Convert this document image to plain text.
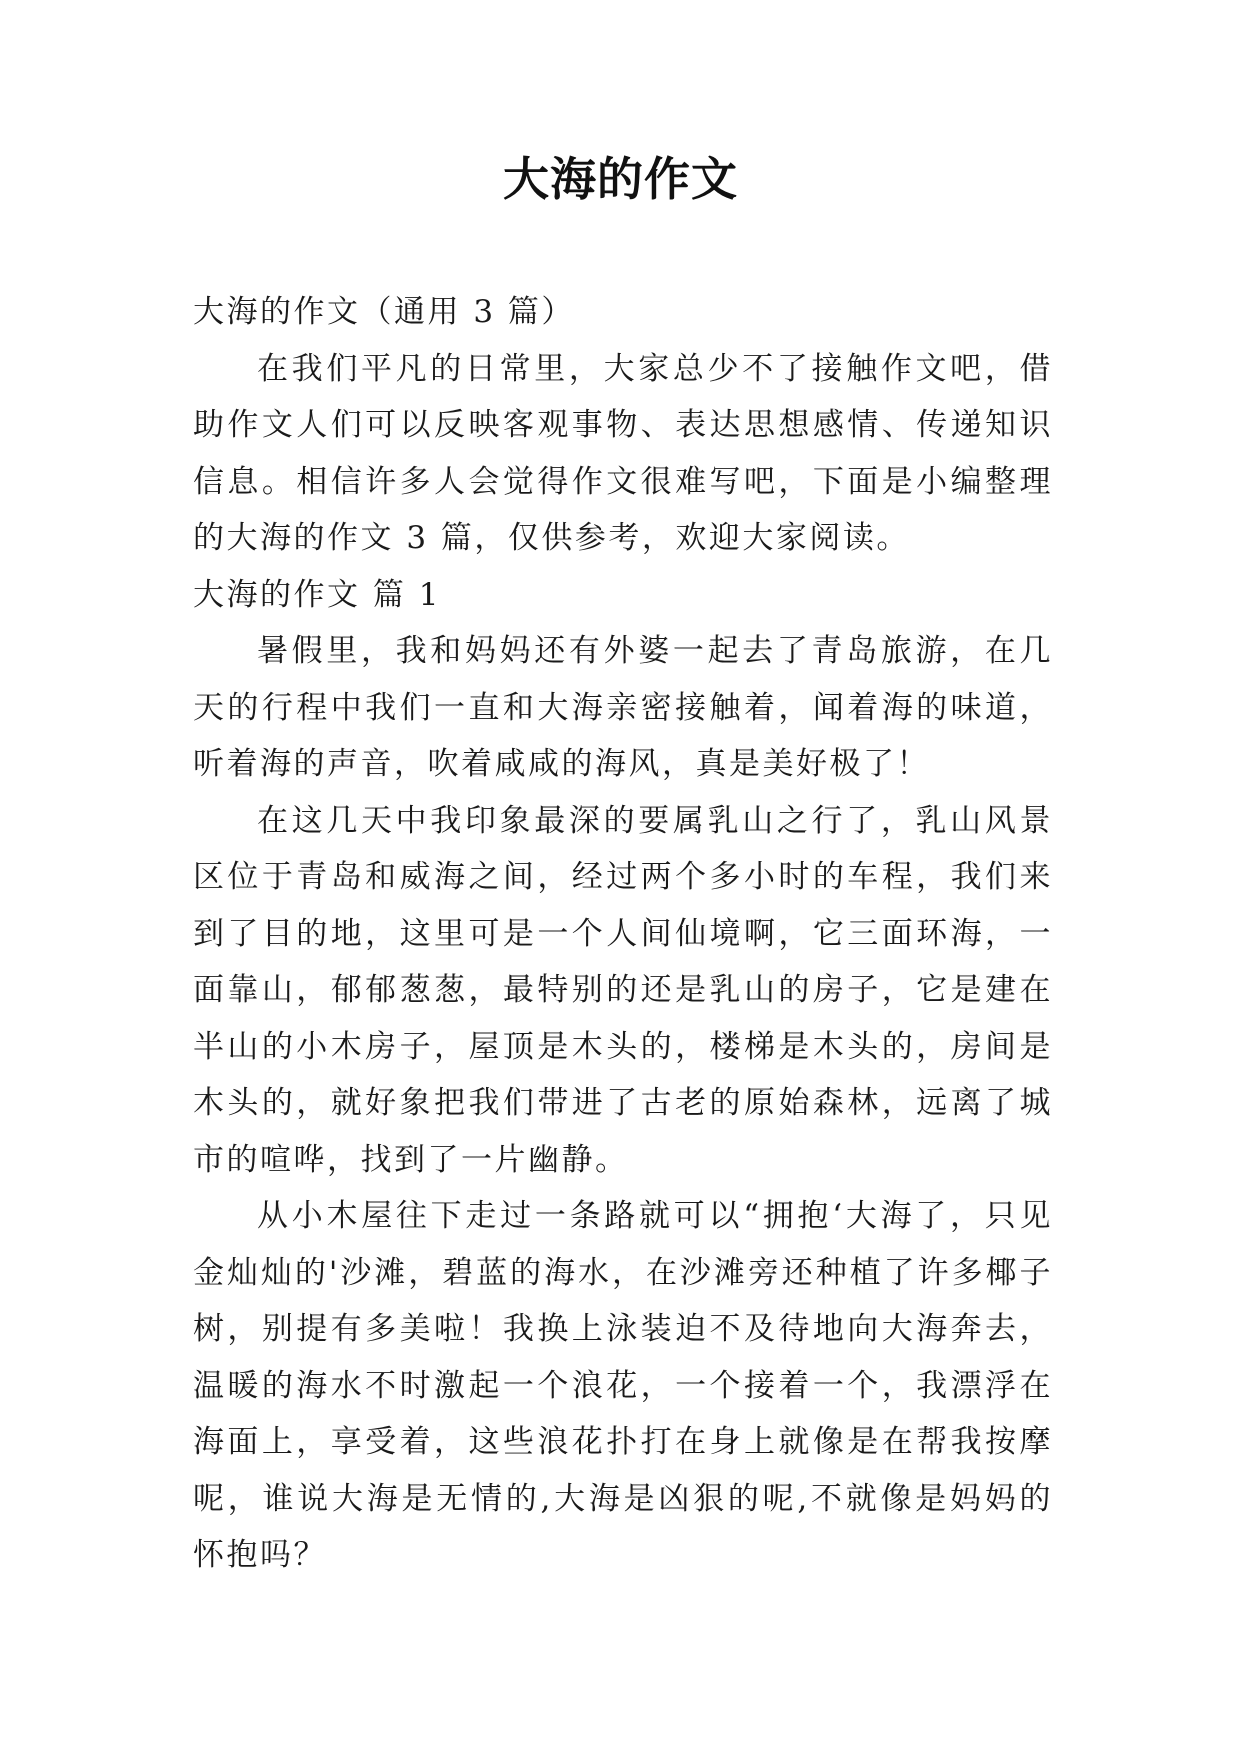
大海的作文

大海的作文（通用 3 篇）

在我们平凡的日常里，大家总少不了接触作文吧，借助作文人们可以反映客观事物、表达思想感情、传递知识信息。相信许多人会觉得作文很难写吧，下面是小编整理的大海的作文 3 篇，仅供参考，欢迎大家阅读。

大海的作文 篇 1

暑假里，我和妈妈还有外婆一起去了青岛旅游，在几天的行程中我们一直和大海亲密接触着，闻着海的味道，听着海的声音，吹着咸咸的海风，真是美好极了！

在这几天中我印象最深的要属乳山之行了，乳山风景区位于青岛和威海之间，经过两个多小时的车程，我们来到了目的地，这里可是一个人间仙境啊，它三面环海，一面靠山，郁郁葱葱，最特别的还是乳山的房子，它是建在半山的小木房子，屋顶是木头的，楼梯是木头的，房间是木头的，就好象把我们带进了古老的原始森林，远离了城市的喧哗，找到了一片幽静。

从小木屋往下走过一条路就可以“拥抱‘大海了，只见金灿灿的'沙滩，碧蓝的海水，在沙滩旁还种植了许多椰子树，别提有多美啦！我换上泳装迫不及待地向大海奔去，温暖的海水不时激起一个浪花，一个接着一个，我漂浮在海面上，享受着，这些浪花扑打在身上就像是在帮我按摩呢，谁说大海是无情的,大海是凶狠的呢,不就像是妈妈的怀抱吗？
